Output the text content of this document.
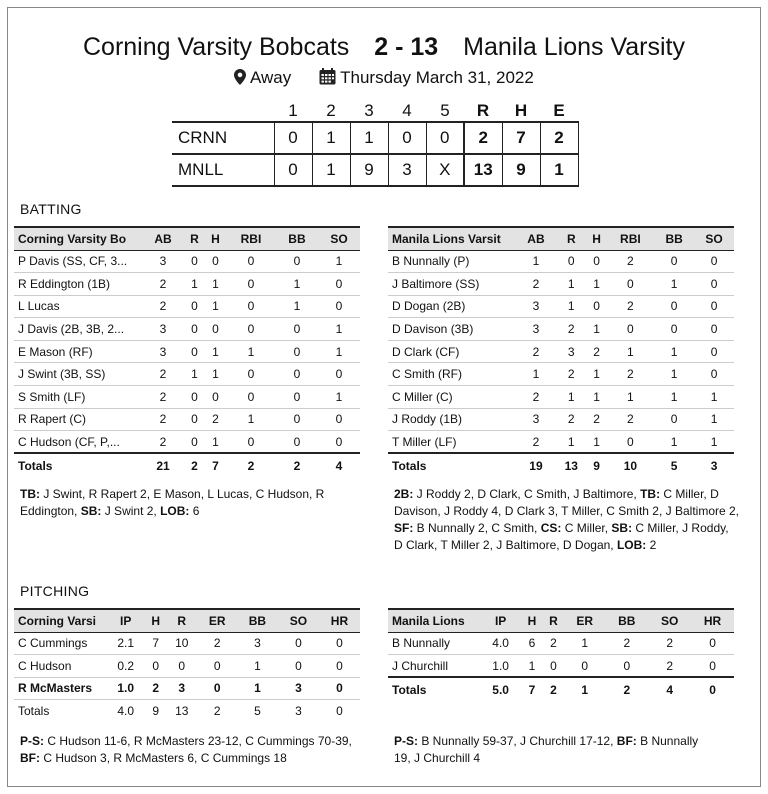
Corning Varsity Bobcats 2 - 13 Manila Lions Varsity
Away	Thursday March 31, 2022
	1	2	3	4	5	R	H	E
CRNN	0	1	1	0	0	2	7	2
MNLL	0	1	9	3	X	13	9	1
BATTING
Corning Varsity Bo	AB	R	H	RBI	BB	SO
P Davis (SS, CF, 3...	3	0	0	0	0	1
R Eddington (1B)	2	1	1	0	1	0
L Lucas	2	0	1	0	1	0
J Davis (2B, 3B, 2...	3	0	0	0	0	1
E Mason (RF)	3	0	1	1	0	1
J Swint (3B, SS)	2	1	1	0	0	0
S Smith (LF)	2	0	0	0	0	1
R Rapert (C)	2	0	2	1	0	0
C Hudson (CF, P,...	2	0	1	0	0	0
Totals	21	2	7	2	2	4
Manila Lions Varsit	AB	R	H	RBI	BB	SO
B Nunnally (P)	1	0	0	2	0	0
J Baltimore (SS)	2	1	1	0	1	0
D Dogan (2B)	3	1	0	2	0	0
D Davison (3B)	3	2	1	0	0	0
D Clark (CF)	2	3	2	1	1	0
C Smith (RF)	1	2	1	2	1	0
C Miller (C)	2	1	1	1	1	1
J Roddy (1B)	3	2	2	2	0	1
T Miller (LF)	2	1	1	0	1	1
Totals	19	13	9	10	5	3
TB: J Swint, R Rapert 2, E Mason, L Lucas, C Hudson, R Eddington, SB: J Swint 2, LOB: 6
2B: J Roddy 2, D Clark, C Smith, J Baltimore, TB: C Miller, D Davison, J Roddy 4, D Clark 3, T Miller, C Smith 2, J Baltimore 2, SF: B Nunnally 2, C Smith, CS: C Miller, SB: C Miller, J Roddy, D Clark, T Miller 2, J Baltimore, D Dogan, LOB: 2
PITCHING
Corning Varsi	IP	H	R	ER	BB	SO	HR
C Cummings	2.1	7	10	2	3	0	0
C Hudson	0.2	0	0	0	1	0	0
R McMasters	1.0	2	3	0	1	3	0
Totals	4.0	9	13	2	5	3	0
Manila Lions	IP	H	R	ER	BB	SO	HR
B Nunnally	4.0	6	2	1	2	2	0
J Churchill	1.0	1	0	0	0	2	0
Totals	5.0	7	2	1	2	4	0
P-S: C Hudson 11-6, R McMasters 23-12, C Cummings 70-39, BF: C Hudson 3, R McMasters 6, C Cummings 18
P-S: B Nunnally 59-37, J Churchill 17-12, BF: B Nunnally 19, J Churchill 4
